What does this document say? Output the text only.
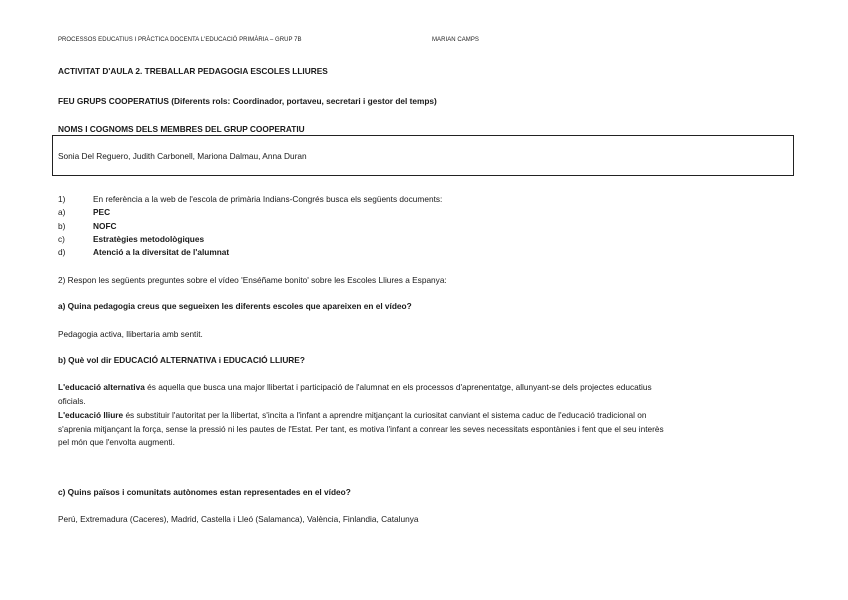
PROCESSOS EDUCATIUS I PRÀCTICA DOCENTA L'EDUCACIÓ PRIMÀRIA – GRUP 7B	MARIAN CAMPS
ACTIVITAT D'AULA 2. TREBALLAR PEDAGOGIA ESCOLES LLIURES
FEU GRUPS COOPERATIUS (Diferents rols: Coordinador, portaveu, secretari i gestor del temps)
NOMS I COGNOMS DELS MEMBRES DEL GRUP COOPERATIU
Sonia Del Reguero, Judith Carbonell, Mariona Dalmau, Anna Duran
1)	En referència a la web de l'escola de primària Indians-Congrés busca els següents documents:
a)	PEC
b)	NOFC
c)	Estratègies metodològiques
d)	Atenció a la diversitat de l'alumnat
2) Respon les següents preguntes sobre el vídeo 'Enséñame bonito' sobre les Escoles Lliures a Espanya:
a) Quina pedagogia creus que segueixen les diferents escoles que apareixen en el vídeo?
Pedagogia activa, llibertaria amb sentit.
b) Què vol dir EDUCACIÓ ALTERNATIVA i EDUCACIÓ LLIURE?
L'educació alternativa és aquella que busca una major llibertat i participació de l'alumnat en els processos d'aprenentatge, allunyant-se dels projectes educatius
oficials.
L'educació lliure és substituir l'autoritat per la llibertat, s'incita a l'infant a aprendre mitjançant la curiositat canviant el sistema caduc de l'educació tradicional on
s'aprenia mitjançant la força, sense la pressió ni les pautes de l'Estat. Per tant, es motiva l'infant a conrear les seves necessitats espontànies i fent que el seu interès
pel món que l'envolta augmenti.
c) Quins països i comunitats autònomes estan representades en el vídeo?
Perú, Extremadura (Caceres), Madrid, Castella i Lleó (Salamanca), València, Finlandia, Catalunya
